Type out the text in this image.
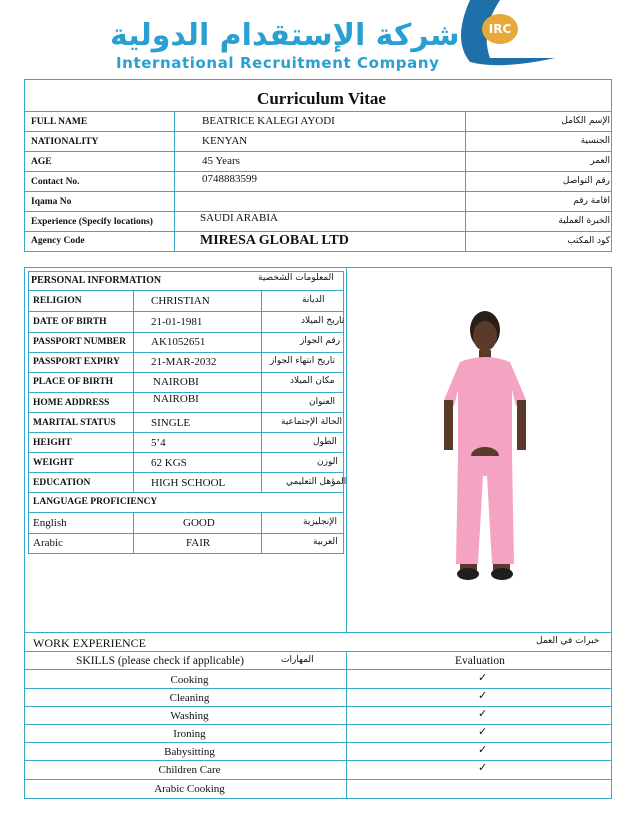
IRC
شركة الإستقدام الدولية
International Recruitment Company
Curriculum Vitae
FULL NAME	BEATRICE KALEGI AYODI	الإسم الكامل
NATIONALITY	KENYAN	الجنسية
AGE	45 Years	العمر
Contact No.	0748883599	رقم التواصل
Iqama No	اقامة رقم
Experience (Specify locations)	SAUDI ARABIA	الخبرة العملية
Agency Code	MIRESA GLOBAL LTD	كود المكتب
PERSONAL INFORMATION	المعلومات الشخصية
RELIGION	CHRISTIAN	الديانة
DATE OF BIRTH	21-01-1981	تاريخ الميلاد
PASSPORT NUMBER AK1052651	رقم الجواز
PASSPORT EXPIRY	21-MAR-2032	تاريخ انتهاء الجواز
PLACE OF BIRTH	NAIROBI	مكان الميلاد
HOME ADDRESS	NAIROBI	العنوان
MARITAL STATUS	SINGLE	الحالة الإجتماعية
HEIGHT	5’4	الطول
WEIGHT	62 KGS	الوزن
EDUCATION	HIGH SCHOOL	المؤهل التعليمي
LANGUAGE PROFICIENCY
English	GOOD	الإنجليزية
Arabic	FAIR	العربية
WORK EXPERIENCE	خبرات في العمل
SKILLS (please check if applicable)	المهارات	Evaluation
Cooking	✓
Cleaning	✓
Washing	✓
Ironing	✓
Babysitting	✓
Children Care	✓
Arabic Cooking
